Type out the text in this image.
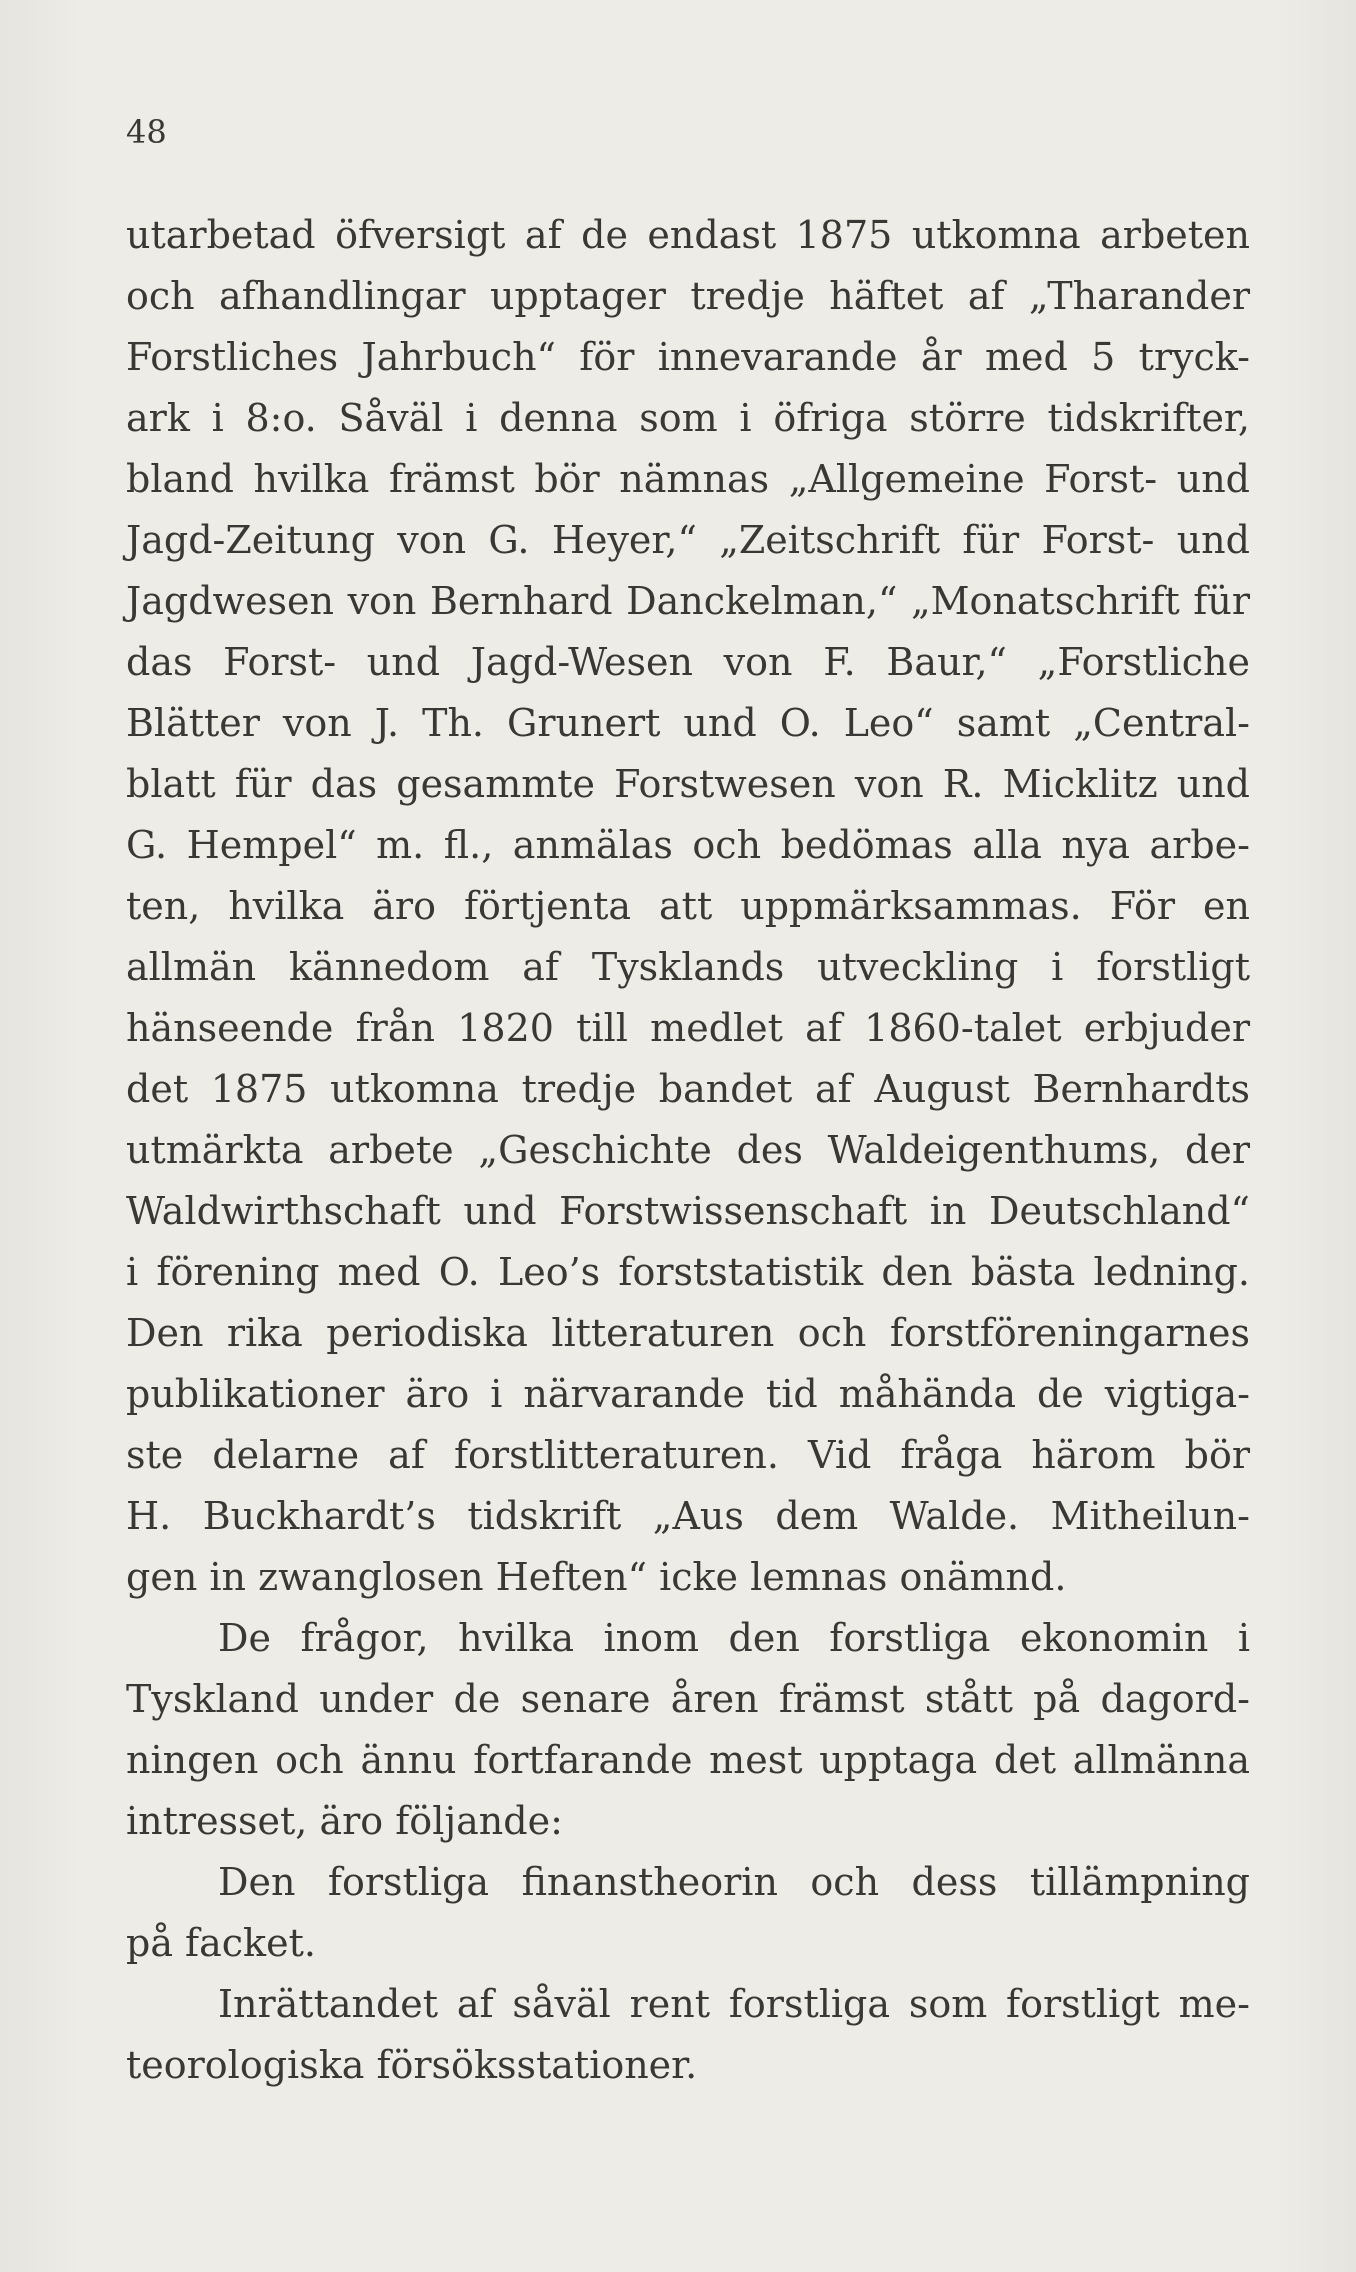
48
utarbetad öfversigt af de endast 1875 utkomna arbeten
och afhandlingar upptager tredje häftet af „Tharander
Forstliches Jahrbuch“ för innevarande år med 5 tryck-
ark i 8:o. Såväl i denna som i öfriga större tidskrifter,
bland hvilka främst bör nämnas „Allgemeine Forst- und
Jagd-Zeitung von G. Heyer,“ „Zeitschrift für Forst- und
Jagdwesen von Bernhard Danckelman,“ „Monatschrift für
das Forst- und Jagd-Wesen von F. Baur,“ „Forstliche
Blätter von J. Th. Grunert und O. Leo“ samt „Central-
blatt für das gesammte Forstwesen von R. Micklitz und
G. Hempel“ m. fl., anmälas och bedömas alla nya arbe-
ten, hvilka äro förtjenta att uppmärksammas. För en
allmän kännedom af Tysklands utveckling i forstligt
hänseende från 1820 till medlet af 1860-talet erbjuder
det 1875 utkomna tredje bandet af August Bernhardts
utmärkta arbete „Geschichte des Waldeigenthums, der
Waldwirthschaft und Forstwissenschaft in Deutschland“
i förening med O. Leo’s forststatistik den bästa ledning.
Den rika periodiska litteraturen och forstföreningarnes
publikationer äro i närvarande tid måhända de vigtiga-
ste delarne af forstlitteraturen. Vid fråga härom bör
H. Buckhardt’s tidskrift „Aus dem Walde. Mitheilun-
gen in zwanglosen Heften“ icke lemnas onämnd.
De frågor, hvilka inom den forstliga ekonomin i
Tyskland under de senare åren främst stått på dagord-
ningen och ännu fortfarande mest upptaga det allmänna
intresset, äro följande:
Den forstliga finanstheorin och dess tillämpning
på facket.
Inrättandet af såväl rent forstliga som forstligt me-
teorologiska försöksstationer.
